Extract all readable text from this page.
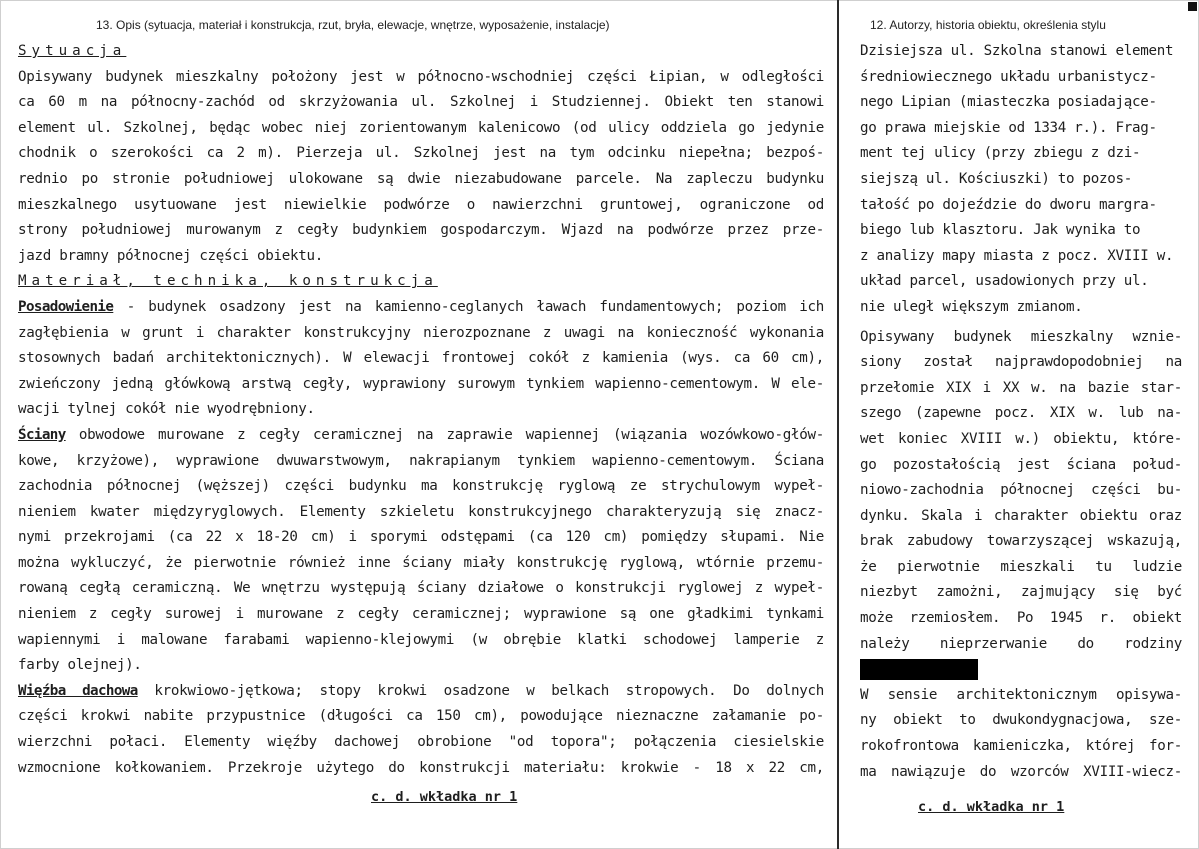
13. Opis (sytuacja, materiał i konstrukcja, rzut, bryła, elewacje, wnętrze, wyposażenie, instalacje)
Sytuacja
Opisywany budynek mieszkalny położony jest w północno-wschodniej części Łipian, w odległości
ca 60 m na północny-zachód od skrzyżowania ul. Szkolnej i Studziennej. Obiekt ten stanowi
element ul. Szkolnej, będąc wobec niej zorientowanym kalenicowo (od ulicy oddziela go jedynie
chodnik o szerokości ca 2 m). Pierzeja ul. Szkolnej jest na tym odcinku niepełna; bezpoś-
rednio po stronie południowej ulokowane są dwie niezabudowane parcele. Na zapleczu budynku
mieszkalnego usytuowane jest niewielkie podwórze o nawierzchni gruntowej, ograniczone od
strony południowej murowanym z cegły budynkiem gospodarczym. Wjazd na podwórze przez prze-
jazd bramny północnej części obiektu.
Materiał, technika, konstrukcja
Posadowienie - budynek osadzony jest na kamienno-ceglanych ławach fundamentowych; poziom ich
zagłębienia w grunt i charakter konstrukcyjny nierozpoznane z uwagi na konieczność wykonania
stosownych badań architektonicznych). W elewacji frontowej cokół z kamienia (wys. ca 60 cm),
zwieńczony jedną główkową arstwą cegły, wyprawiony surowym tynkiem wapienno-cementowym. W ele-
wacji tylnej cokół nie wyodrębniony.
Ściany obwodowe murowane z cegły ceramicznej na zaprawie wapiennej (wiązania wozówkowo-głów-
kowe, krzyżowe), wyprawione dwuwarstwowym, nakrapianym tynkiem wapienno-cementowym. Ściana
zachodnia północnej (węższej) części budynku ma konstrukcję ryglową ze strychulowym wypeł-
nieniem kwater międzyryglowych. Elementy szkieletu konstrukcyjnego charakteryzują się znacz-
nymi przekrojami (ca 22 x 18-20 cm) i sporymi odstępami (ca 120 cm) pomiędzy słupami. Nie
można wykluczyć, że pierwotnie również inne ściany miały konstrukcję ryglową, wtórnie przemu-
rowaną cegłą ceramiczną. We wnętrzu występują ściany działowe o konstrukcji ryglowej z wypeł-
nieniem z cegły surowej i murowane z cegły ceramicznej; wyprawione są one gładkimi tynkami
wapiennymi i malowane farabami wapienno-klejowymi (w obrębie klatki schodowej lamperie z
farby olejnej).
Więźba dachowa krokwiowo-jętkowa; stopy krokwi osadzone w belkach stropowych. Do dolnych
części krokwi nabite przypustnice (długości ca 150 cm), powodujące nieznaczne załamanie po-
wierzchni połaci. Elementy więźby dachowej obrobione "od topora"; połączenia ciesielskie
wzmocnione kołkowaniem. Przekroje użytego do konstrukcji materiału: krokwie - 18 x 22 cm,
c. d. wkładka nr 1
12. Autorzy, historia obiektu, określenia stylu
Dzisiejsza ul. Szkolna stanowi element
średniowiecznego układu urbanistycz-
nego Lipian (miasteczka posiadające-
go prawa miejskie od 1334 r.). Frag-
ment tej ulicy (przy zbiegu z dzi-
siejszą ul. Kościuszki) to pozos-
tałość po dojeździe do dworu margra-
biego lub klasztoru. Jak wynika to
z analizy mapy miasta z pocz. XVIII w.
układ parcel, usadowionych przy ul.
nie uległ większym zmianom.
Opisywany budynek mieszkalny wznie-
siony został najprawdopodobniej na
przełomie XIX i XX w. na bazie star-
szego (zapewne pocz. XIX w. lub na-
wet koniec XVIII w.) obiektu, które-
go pozostałością jest ściana połud-
niowo-zachodnia północnej części bu-
dynku. Skala i charakter obiektu oraz
brak zabudowy towarzyszącej wskazują,
że pierwotnie mieszkali tu ludzie
niezbyt zamożni, zajmujący się być
może rzemiosłem. Po 1945 r. obiekt
należy nieprzerwanie do rodziny
W sensie architektonicznym opisywa-
ny obiekt to dwukondygnacjowa, sze-
rokofrontowa kamieniczka, której for-
ma nawiązuje do wzorców XVIII-wiecz-
c. d. wkładka nr 1
